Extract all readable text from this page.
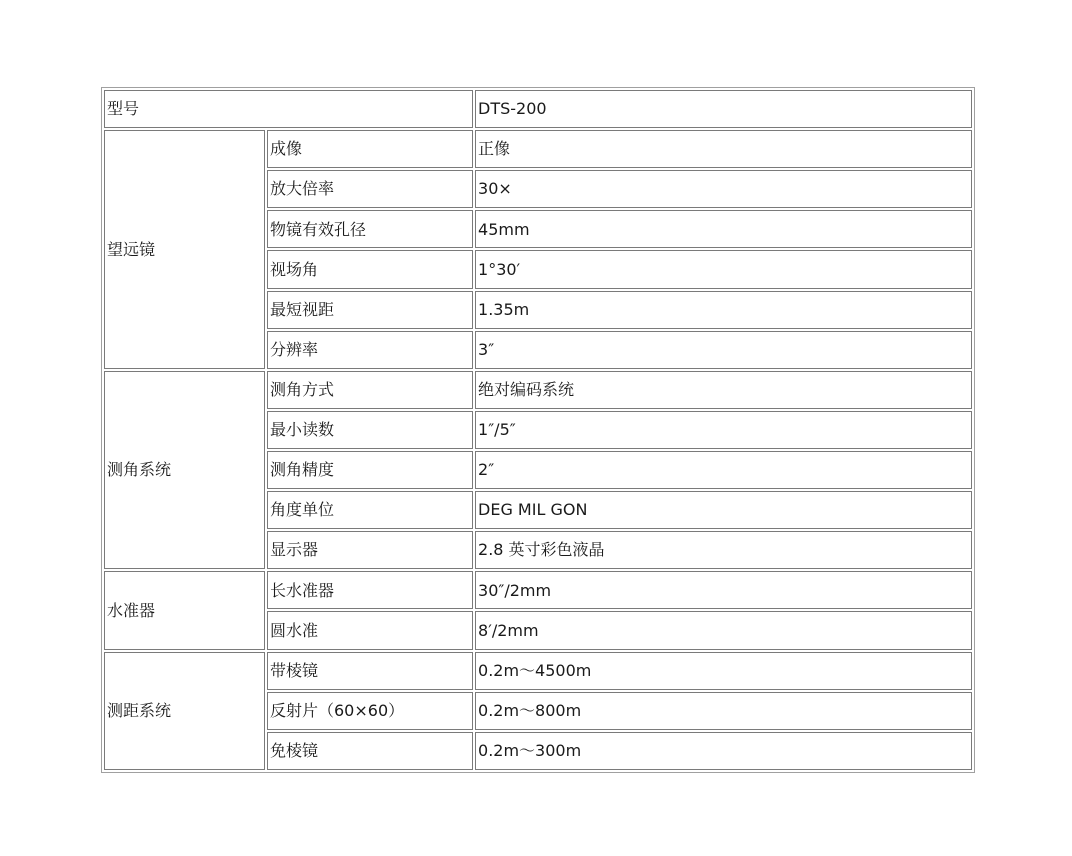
型号		DTS-200
望远镜	成像	正像
	放大倍率	30×
	物镜有效孔径	45mm
	视场角	1°30′
	最短视距	1.35m
	分辨率	3″
测角系统	测角方式	绝对编码系统
	最小读数	1″/5″
	测角精度	2″
	角度单位	DEG MIL GON
	显示器	2.8 英寸彩色液晶
水准器	长水准器	30″/2mm
	圆水准	8′/2mm
测距系统	带棱镜	0.2m～4500m
	反射片（60×60）	0.2m～800m
	免棱镜	0.2m～300m
